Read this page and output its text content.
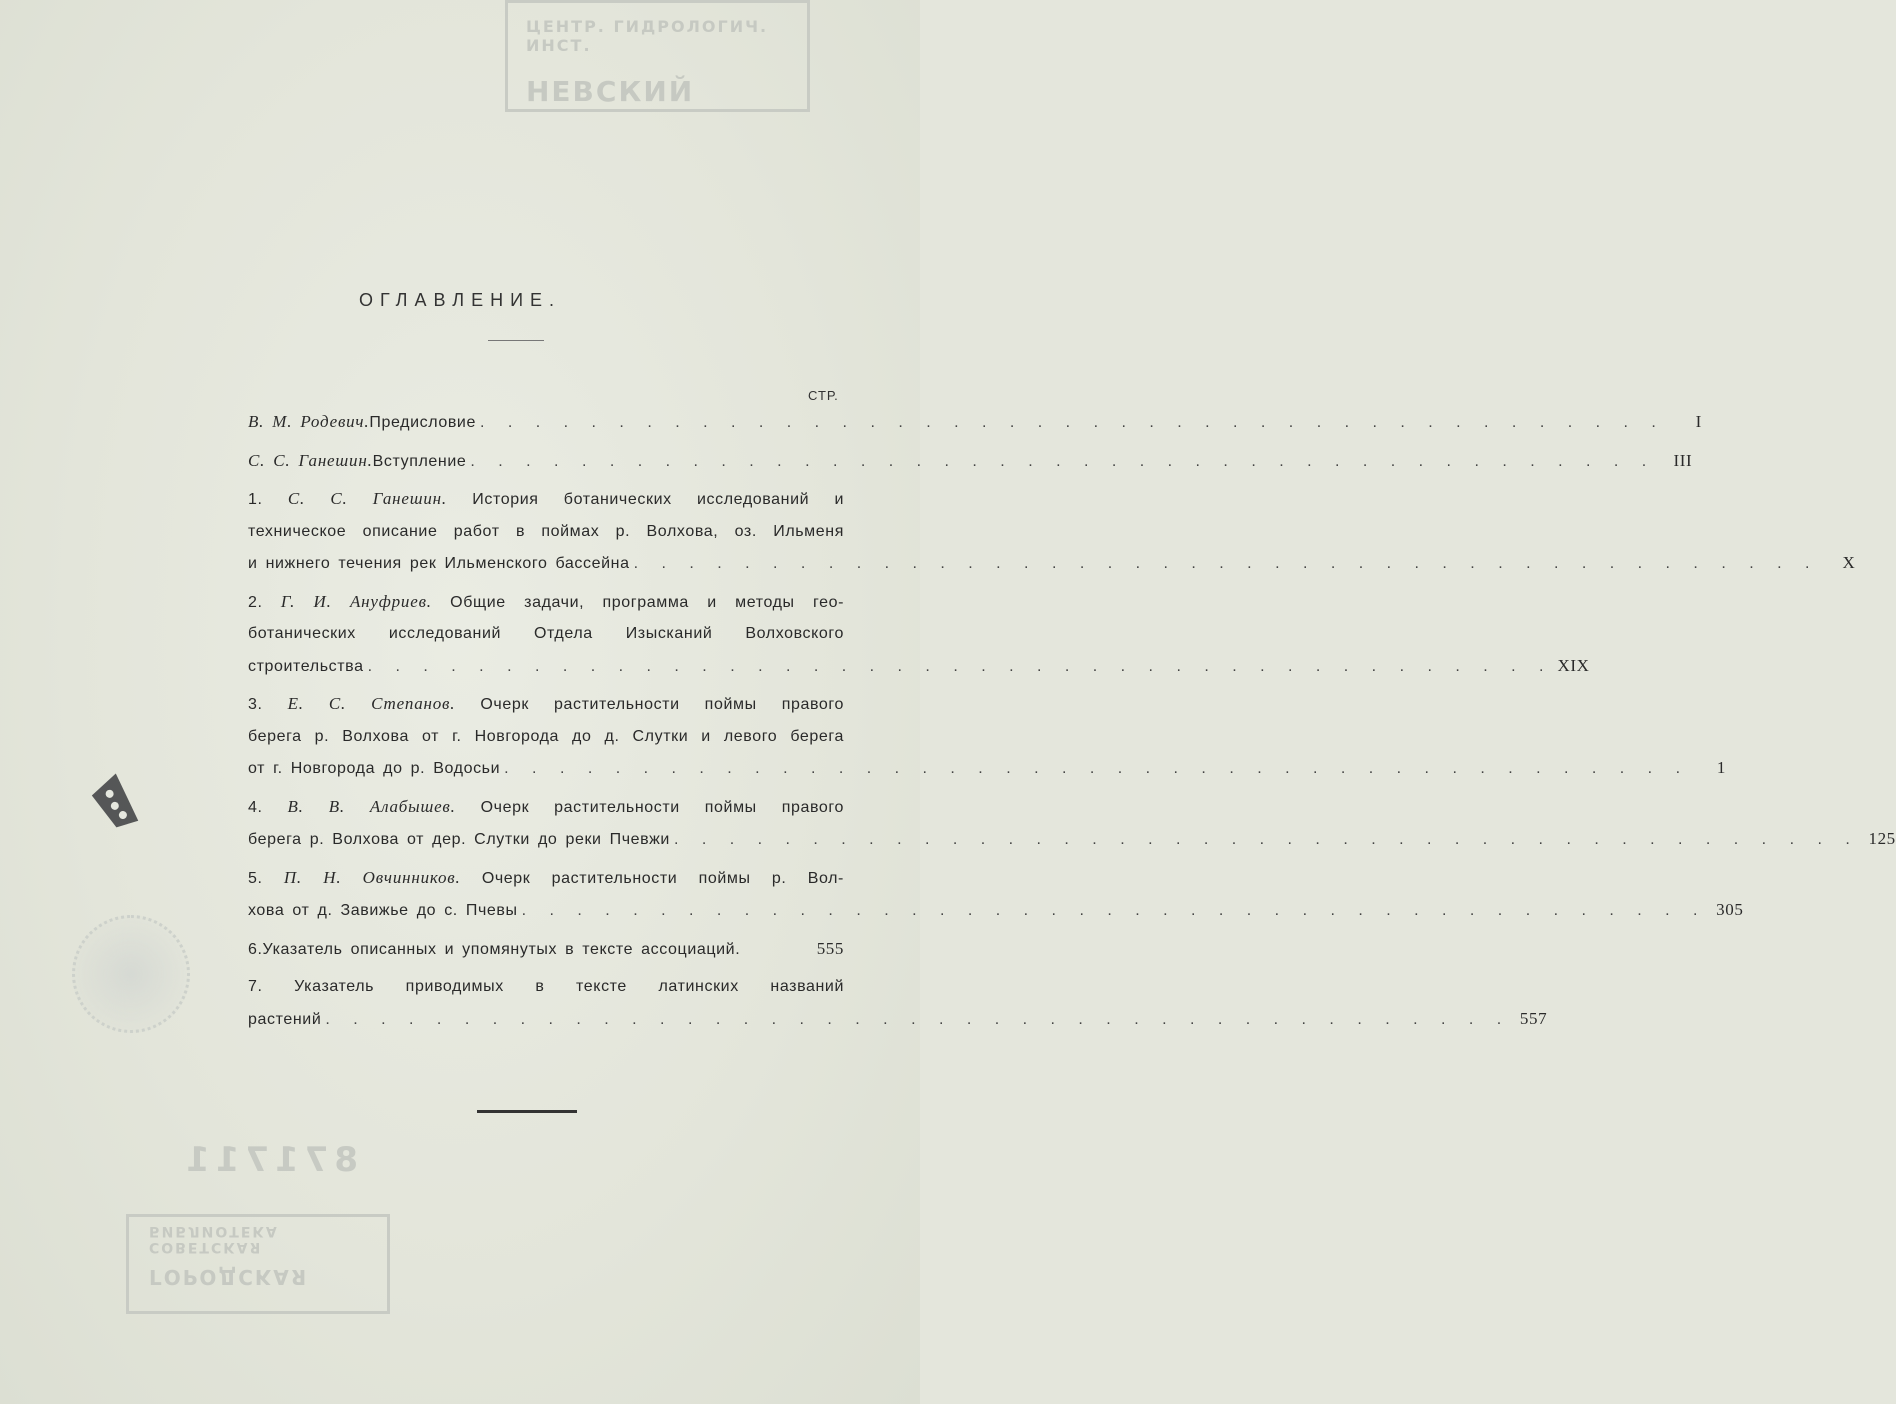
ЦЕНТР. ГИДРОЛОГИЧ. ИНСТ.
НЕВСКИЙ
ГОРОДСКАЯ
СОВЕТСКАЯ БИБЛИОТЕКА
871711
ОГЛАВЛЕНИЕ.
СТР.
В. М. Родевич. Предисловие . . . . . . . . . . . . . . . . . . . . . . . . . . . . . . . . . . . . . . . . . . .	I
С. С. Ганешин. Вступление . . . . . . . . . . . . . . . . . . . . . . . . . . . . . . . . . . . . . . . . . . .	III
1. С. С. Ганешин. История ботанических исследований и
техническое описание работ в поймах р. Волхова, оз. Ильменя
и нижнего течения рек Ильменского бассейна . . . . . . . . . . . . . . . . . . . . . . . . . . . . . . . . . . . . . . . . . . .	X
2. Г. И. Ануфриев. Общие задачи, программа и методы гео-
ботанических исследований Отдела Изысканий Волховского
строительства . . . . . . . . . . . . . . . . . . . . . . . . . . . . . . . . . . . . . . . . . . . XIX
3. Е. С. Степанов. Очерк растительности поймы правого
берега р. Волхова от г. Новгорода до д. Слутки и левого берега
от г. Новгорода до р. Водосьи . . . . . . . . . . . . . . . . . . . . . . . . . . . . . . . . . . . . . . . . . . .	1
4. В. В. Алабышев. Очерк растительности поймы правого
берега р. Волхова от дер. Слутки до реки Пчевжи . . . . . . . . . . . . . . . . . . . . . . . . . . . . . . . . . . . . . . . . . . . 125
5. П. Н. Овчинников. Очерк растительности поймы р. Вол-
хова от д. Завижье до с. Пчевы . . . . . . . . . . . . . . . . . . . . . . . . . . . . . . . . . . . . . . . . . . . 305
6. Указатель описанных и упомянутых в тексте ассоциаций.	555
7. Указатель приводимых в тексте латинских названий
растений . . . . . . . . . . . . . . . . . . . . . . . . . . . . . . . . . . . . . . . . . . . 557
